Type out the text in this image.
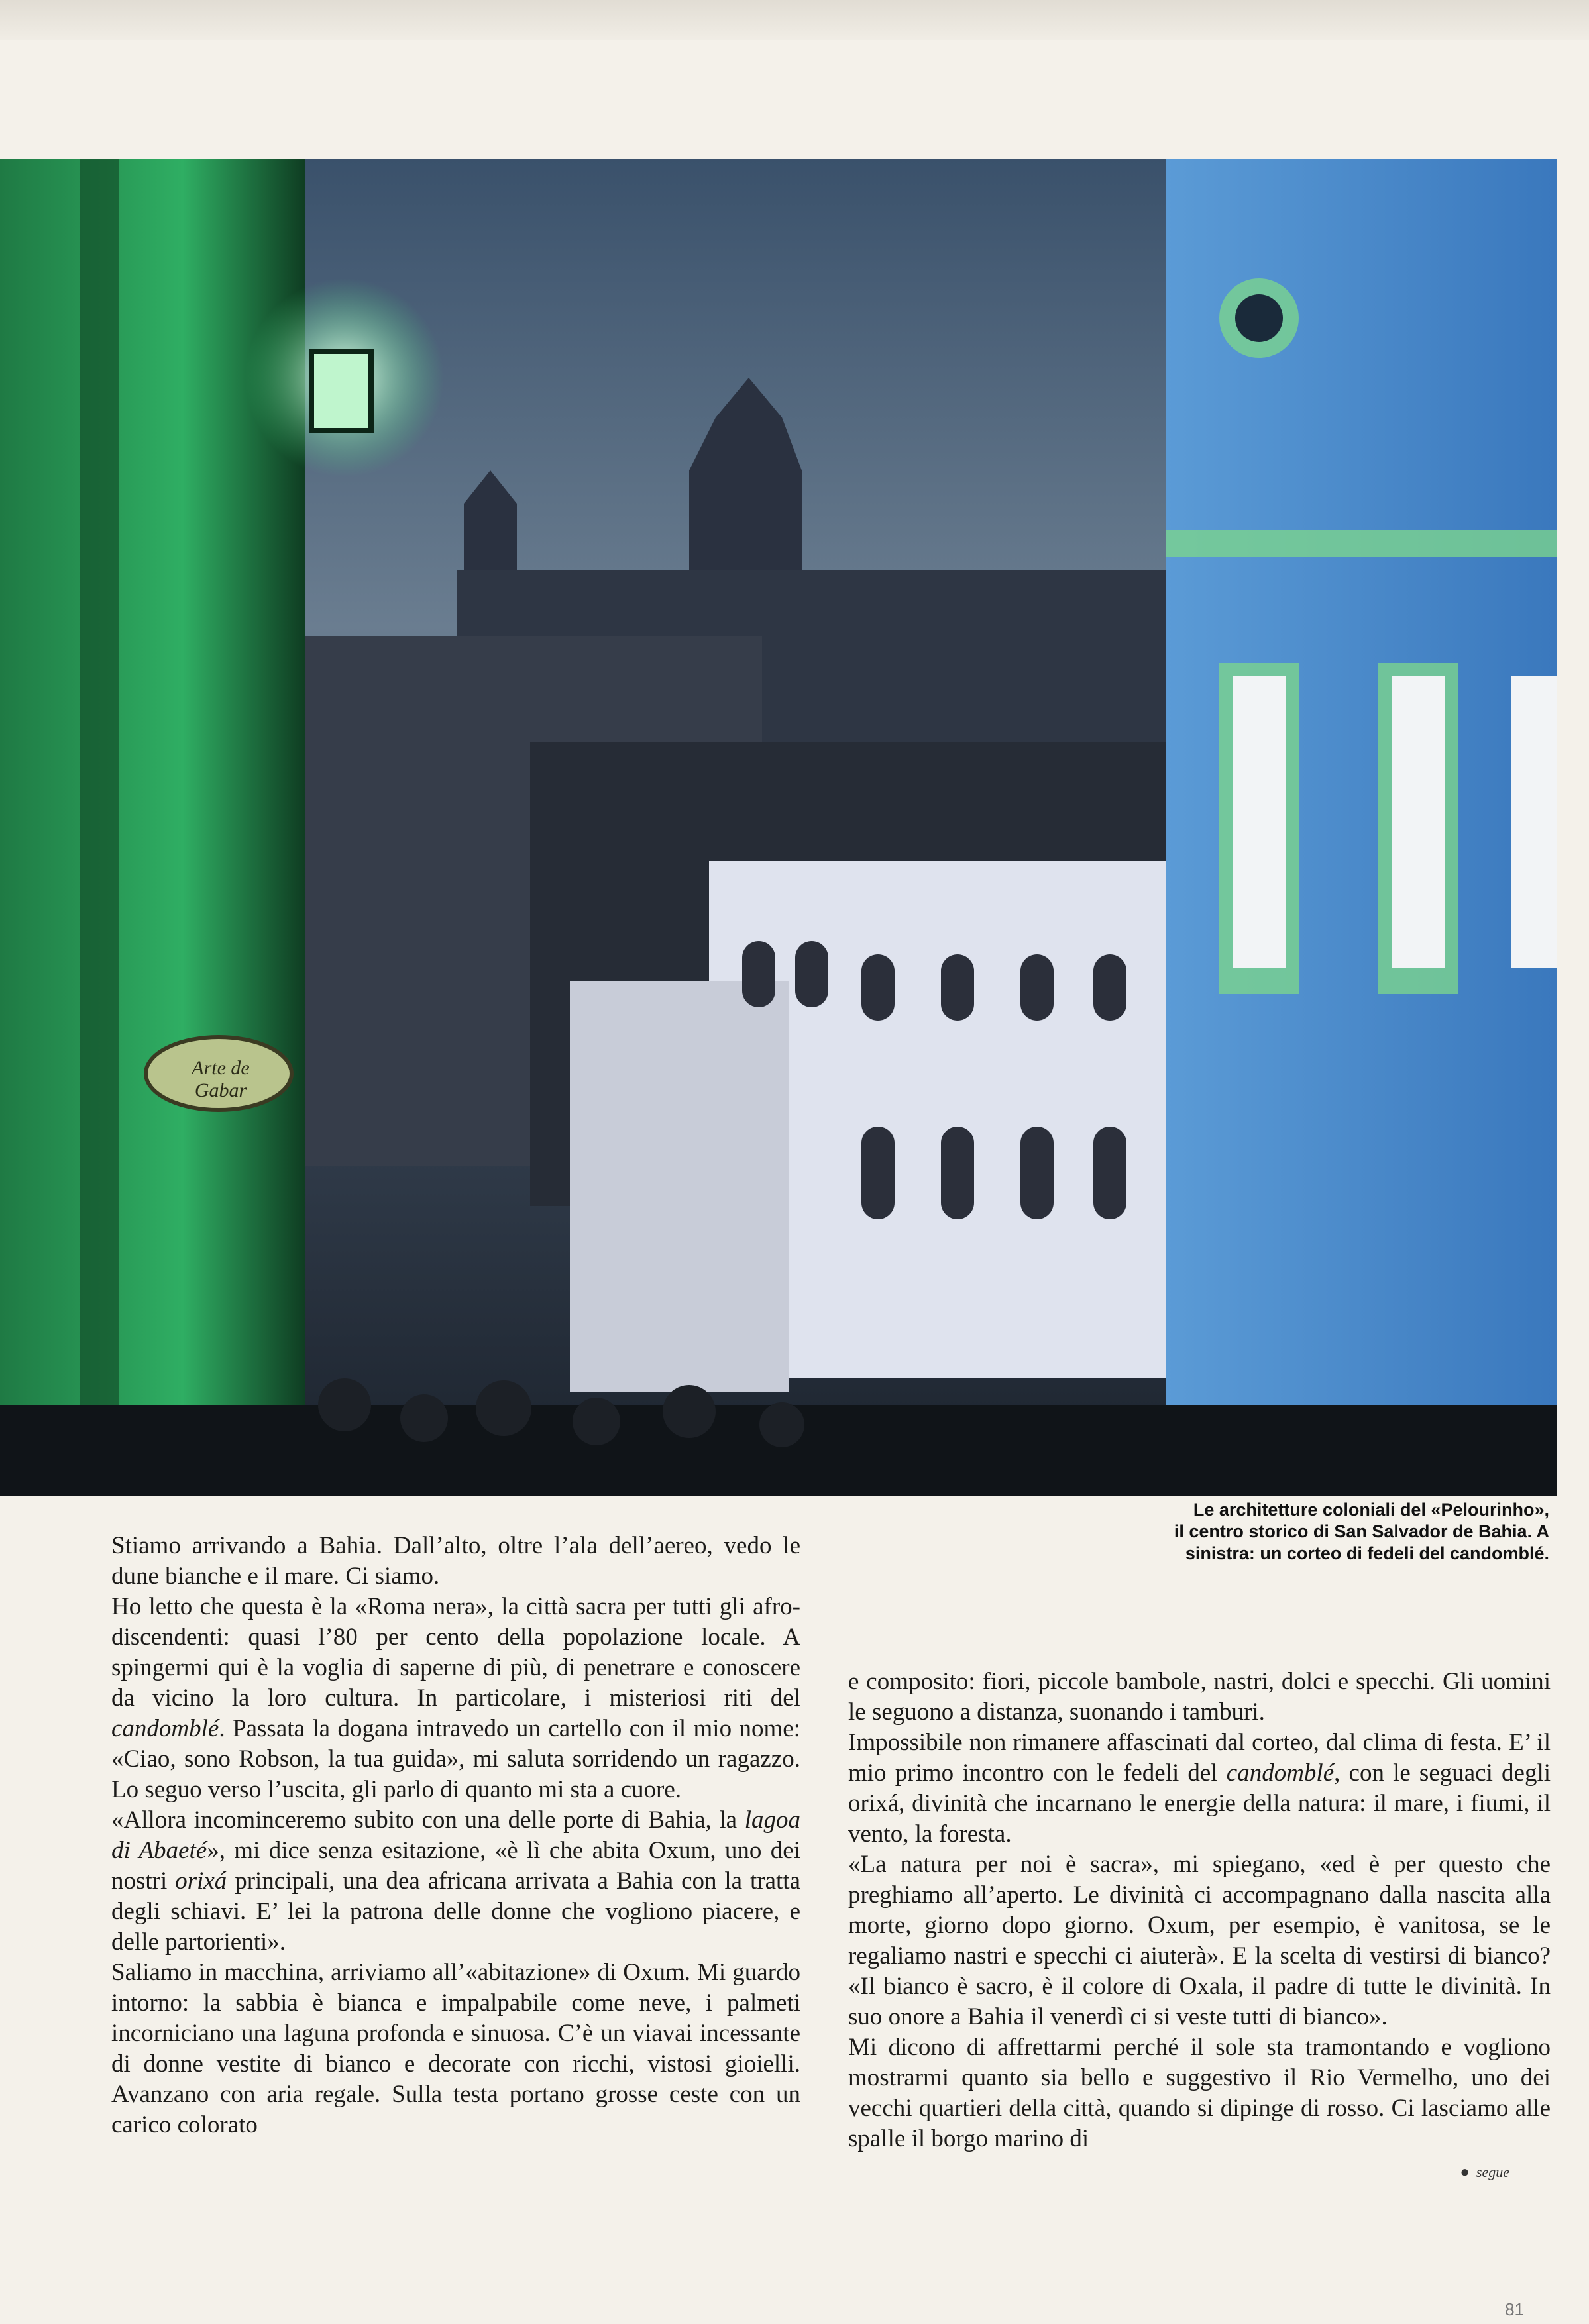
Arte de Gabar
Le architetture coloniali del «Pelourinho»,
il centro storico di San Salvador de Bahia. A
sinistra: un corteo di fedeli del candomblé.

Stiamo arrivando a Bahia. Dall’alto, oltre l’ala dell’aereo, vedo le dune bianche e il mare. Ci siamo.

Ho letto che questa è la «Roma nera», la città sacra per tutti gli afro-discendenti: quasi l’80 per cento della popolazione locale. A spingermi qui è la voglia di saperne di più, di penetrare e conoscere da vicino la loro cultura. In particolare, i misteriosi riti del candomblé. Passata la dogana intravedo un cartello con il mio nome: «Ciao, sono Robson, la tua guida», mi saluta sorridendo un ragazzo. Lo seguo verso l’uscita, gli parlo di quanto mi sta a cuore.

«Allora incominceremo subito con una delle porte di Bahia, la lagoa di Abaeté», mi dice senza esitazione, «è lì che abita Oxum, uno dei nostri orixá principali, una dea africana arrivata a Bahia con la tratta degli schiavi. E’ lei la patrona delle donne che vogliono piacere, e delle partorienti».

Saliamo in macchina, arriviamo all’«abitazione» di Oxum. Mi guardo intorno: la sabbia è bianca e impalpabile come neve, i palmeti incorniciano una laguna profonda e sinuosa. C’è un viavai incessante di donne vestite di bianco e decorate con ricchi, vistosi gioielli. Avanzano con aria regale. Sulla testa portano grosse ceste con un carico colorato

e composito: fiori, piccole bambole, nastri, dolci e specchi. Gli uomini le seguono a distanza, suonando i tamburi.

Impossibile non rimanere affascinati dal corteo, dal clima di festa. E’ il mio primo incontro con le fedeli del candomblé, con le seguaci degli orixá, divinità che incarnano le energie della natura: il mare, i fiumi, il vento, la foresta.

«La natura per noi è sacra», mi spiegano, «ed è per questo che preghiamo all’aperto. Le divinità ci accompagnano dalla nascita alla morte, giorno dopo giorno. Oxum, per esempio, è vanitosa, se le regaliamo nastri e specchi ci aiuterà». E la scelta di vestirsi di bianco? «Il bianco è sacro, è il colore di Oxala, il padre di tutte le divinità. In suo onore a Bahia il venerdì ci si veste tutti di bianco».

Mi dicono di affrettarmi perché il sole sta tramontando e vogliono mostrarmi quanto sia bello e suggestivo il Rio Vermelho, uno dei vecchi quartieri della città, quando si dipinge di rosso. Ci lasciamo alle spalle il borgo marino di

● segue
81
